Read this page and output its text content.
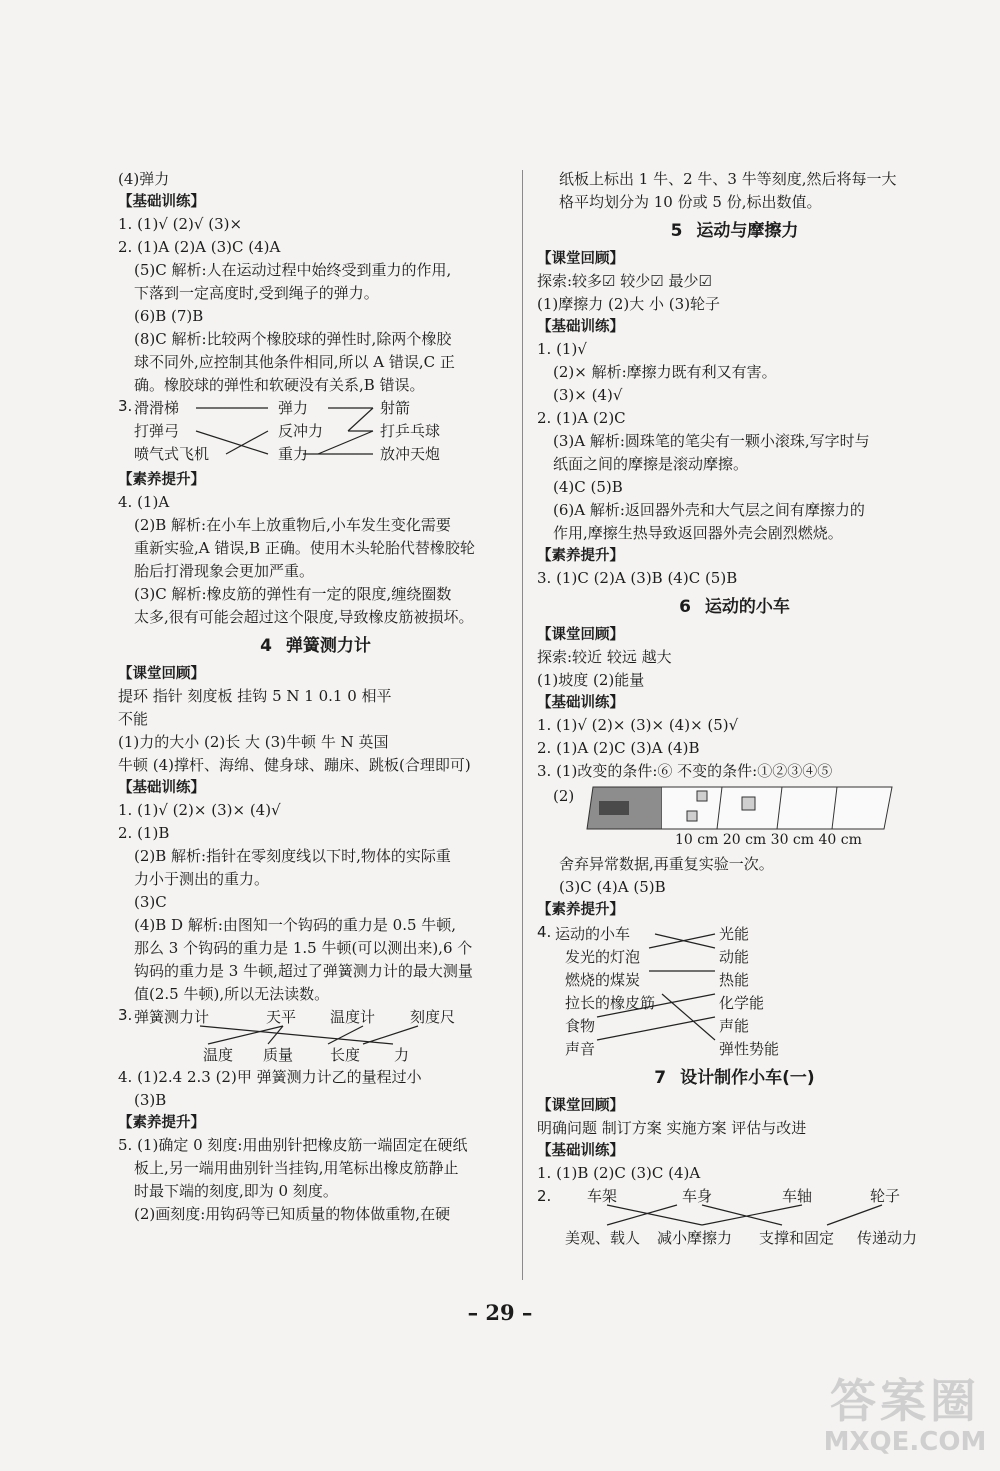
(4)弹力
【基础训练】
1. (1)√ (2)√ (3)×
2. (1)A (2)A (3)C (4)A
(5)C 解析:人在运动过程中始终受到重力的作用,
下落到一定高度时,受到绳子的弹力。
(6)B (7)B
(8)C 解析:比较两个橡胶球的弹性时,除两个橡胶
球不同外,应控制其他条件相同,所以 A 错误,C 正
确。橡胶球的弹性和软硬没有关系,B 错误。
3. 滑滑梯
打弹弓
喷气式飞机
弹力
反冲力
重力
射箭
打乒乓球
放冲天炮
【素养提升】
4. (1)A
(2)B 解析:在小车上放重物后,小车发生变化需要
重新实验,A 错误,B 正确。使用木头轮胎代替橡胶轮
胎后打滑现象会更加严重。
(3)C 解析:橡皮筋的弹性有一定的限度,缠绕圈数
太多,很有可能会超过这个限度,导致橡皮筋被损坏。
4 弹簧测力计
【课堂回顾】
提环 指针 刻度板 挂钩 5 N 1 0.1 0 相平
不能
(1)力的大小 (2)长 大 (3)牛顿 牛 N 英国
牛顿 (4)撑杆、海绵、健身球、蹦床、跳板(合理即可)
【基础训练】
1. (1)√ (2)× (3)× (4)√
2. (1)B
(2)B 解析:指针在零刻度线以下时,物体的实际重
力小于测出的重力。
(3)C
(4)B D 解析:由图知一个钩码的重力是 0.5 牛顿,
那么 3 个钩码的重力是 1.5 牛顿(可以测出来),6 个
钩码的重力是 3 牛顿,超过了弹簧测力计的最大测量
值(2.5 牛顿),所以无法读数。
3. 弹簧测力计	天平 温度计 刻度尺
温度 质量 长度 力
4. (1)2.4 2.3 (2)甲 弹簧测力计乙的量程过小
(3)B
【素养提升】
5. (1)确定 0 刻度:用曲别针把橡皮筋一端固定在硬纸
板上,另一端用曲别针当挂钩,用笔标出橡皮筋静止
时最下端的刻度,即为 0 刻度。
(2)画刻度:用钩码等已知质量的物体做重物,在硬
纸板上标出 1 牛、2 牛、3 牛等刻度,然后将每一大
格平均划分为 10 份或 5 份,标出数值。
5 运动与摩擦力
【课堂回顾】
探索:较多☑ 较少☑ 最少☑
(1)摩擦力 (2)大 小 (3)轮子
【基础训练】
1. (1)√
(2)× 解析:摩擦力既有利又有害。
(3)× (4)√
2. (1)A (2)C
(3)A 解析:圆珠笔的笔尖有一颗小滚珠,写字时与
纸面之间的摩擦是滚动摩擦。
(4)C (5)B
(6)A 解析:返回器外壳和大气层之间有摩擦力的
作用,摩擦生热导致返回器外壳会剧烈燃烧。
【素养提升】
3. (1)C (2)A (3)B (4)C (5)B
6 运动的小车
【课堂回顾】
探索:较近 较远 越大
(1)坡度 (2)能量
【基础训练】
1. (1)√ (2)× (3)× (4)× (5)√
2. (1)A (2)C (3)A (4)B
3. (1)改变的条件:⑥ 不变的条件:①②③④⑤
(2)
10 cm 20 cm 30 cm 40 cm
舍弃异常数据,再重复实验一次。
(3)C (4)A (5)B
【素养提升】
4. 运动的小车
发光的灯泡
燃烧的煤炭
拉长的橡皮筋
食物
声音
光能
动能
热能
化学能
声能
弹性势能
7 设计制作小车(一)
【课堂回顾】
明确问题 制订方案 实施方案 评估与改进
【基础训练】
1. (1)B (2)C (3)C (4)A
2. 车架	车身	车轴	轮子
美观、载人 减小摩擦力 支撑和固定 传递动力
– 29 –
答案圈
MXQE.COM
